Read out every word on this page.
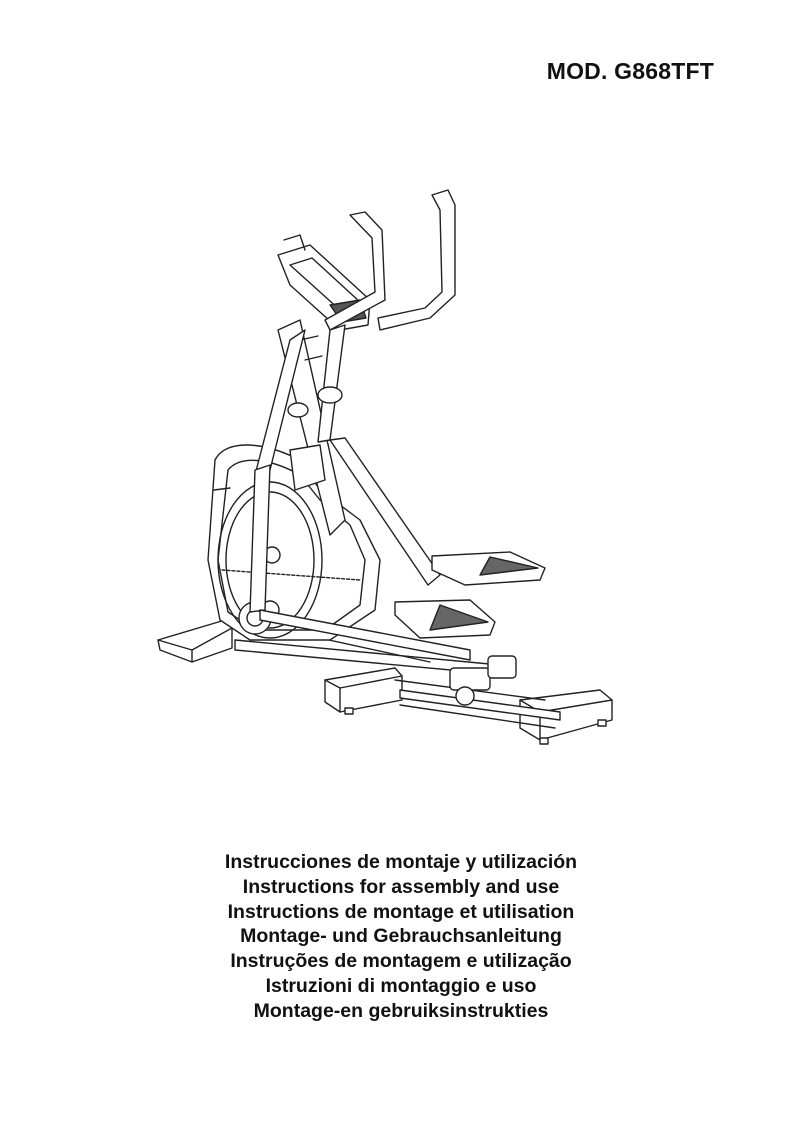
MOD. G868TFT
Instrucciones de montaje y utilización
Instructions for assembly and use
Instructions de montage et utilisation
Montage- und Gebrauchsanleitung
Instruções de montagem e utilização
Istruzioni di montaggio e uso
Montage-en gebruiksinstrukties
